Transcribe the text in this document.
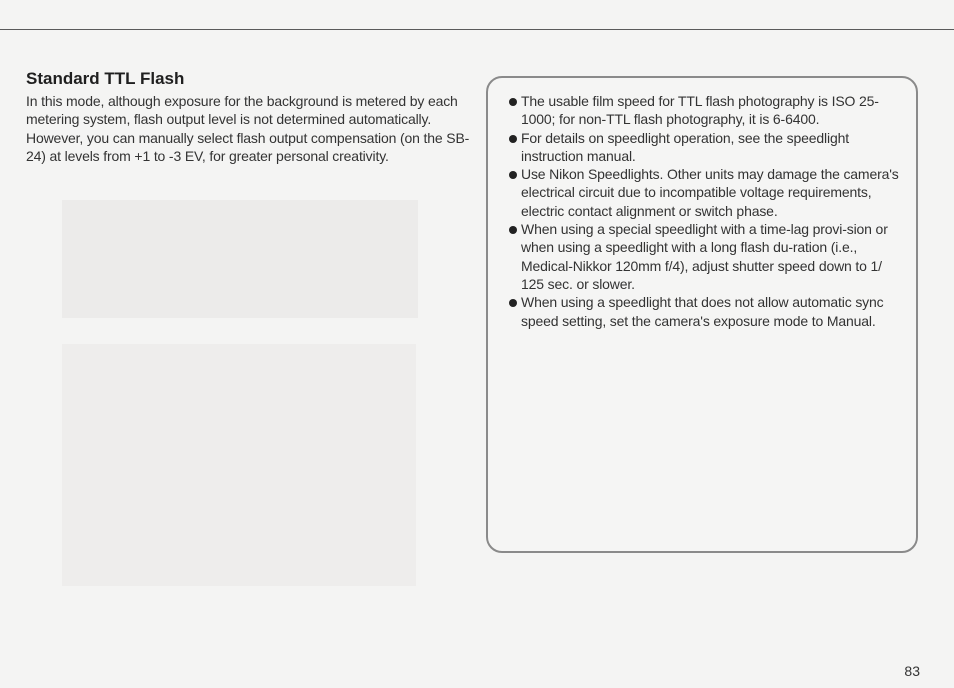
Standard TTL Flash

In this mode, although exposure for the background is metered by each metering system, flash output level is not determined automatically. However, you can manually select flash output compensation (on the SB-24) at levels from +1 to -3 EV, for greater personal creativity.

The usable film speed for TTL flash photography is ISO 25-1000; for non-TTL flash photography, it is 6-6400.
For details on speedlight operation, see the speedlight instruction manual.
Use Nikon Speedlights. Other units may damage the camera's electrical circuit due to incompatible voltage requirements, electric contact alignment or switch phase.
When using a special speedlight with a time-lag provi-sion or when using a speedlight with a long flash du-ration (i.e., Medical-Nikkor 120mm f/4), adjust shutter speed down to 1/ 125 sec. or slower.
When using a speedlight that does not allow automatic sync speed setting, set the camera's exposure mode to Manual.
83
